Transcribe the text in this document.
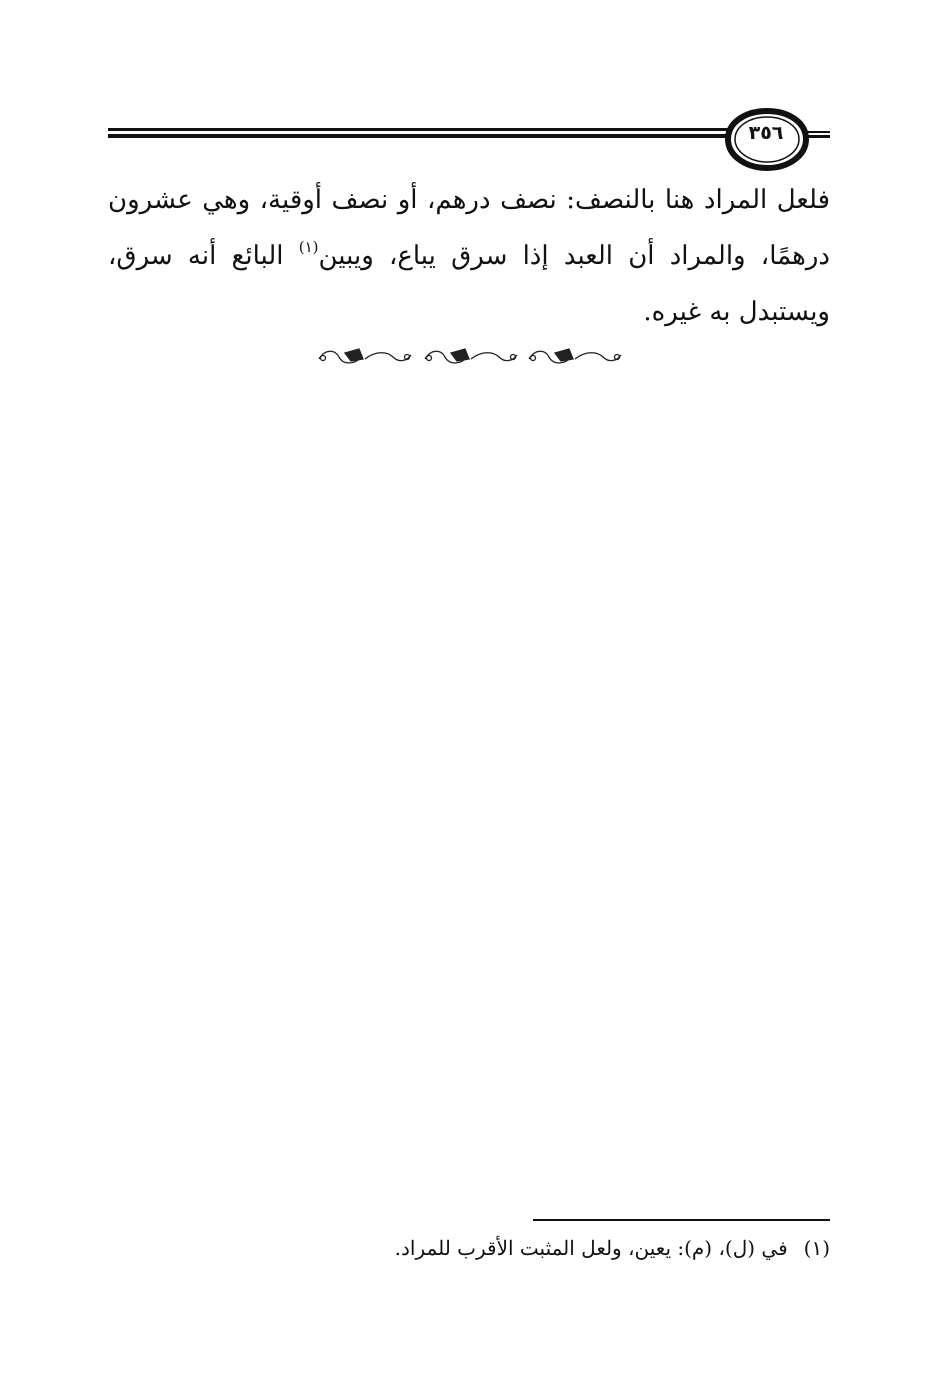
٣٥٦
فلعل المراد هنا بالنصف: نصف درهم، أو نصف أوقية، وهي عشرون درهمًا، والمراد أن العبد إذا سرق يباع، ويبين$^{(١)}$ البائع أنه سرق، ويستبدل به غيره.
(١)في (ل)، (م): يعين، ولعل المثبت الأقرب للمراد.
